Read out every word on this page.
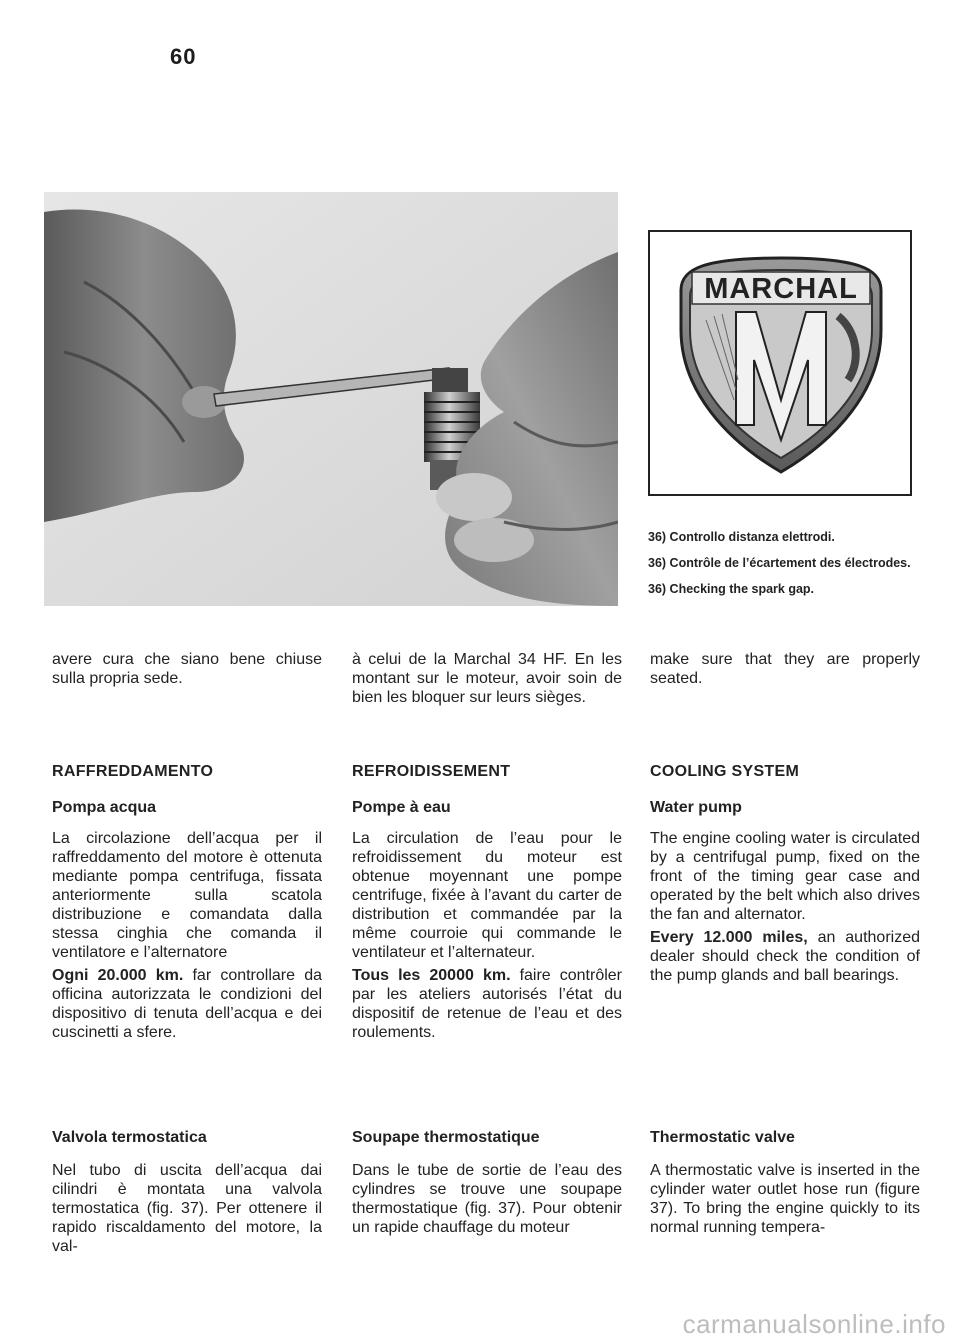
60
MARCHAL

36) Controllo distanza elettrodi.

36) Contrôle de l’écartement des électrodes.

36) Checking the spark gap.

avere cura che siano bene chiuse sulla propria sede.

RAFFREDDAMENTO

Pompa acqua

La circolazione dell’acqua per il raffreddamento del motore è ottenuta mediante pompa centrifuga, fissata anteriormente sulla scatola distribuzione e comandata dalla stessa cinghia che comanda il ventilatore e l’alternatore

Ogni 20.000 km. far controllare da officina autorizzata le condizioni del dispositivo di tenuta dell’acqua e dei cuscinetti a sfere.

Valvola termostatica

Nel tubo di uscita dell’acqua dai cilindri è montata una valvola termostatica (fig. 37). Per ottenere il rapido riscaldamento del motore, la val-

à celui de la Marchal 34 HF. En les montant sur le moteur, avoir soin de bien les bloquer sur leurs sièges.

REFROIDISSEMENT

Pompe à eau

La circulation de l’eau pour le refroidissement du moteur est obtenue moyennant une pompe centrifuge, fixée à l’avant du carter de distribution et commandée par la même courroie qui commande le ventilateur et l’alternateur.

Tous les 20000 km. faire contrôler par les ateliers autorisés l’état du dispositif de retenue de l’eau et des roulements.

Soupape thermostatique

Dans le tube de sortie de l’eau des cylindres se trouve une soupape thermostatique (fig. 37). Pour obtenir un rapide chauffage du moteur

make sure that they are properly seated.

COOLING SYSTEM

Water pump

The engine cooling water is circulated by a centrifugal pump, fixed on the front of the timing gear case and operated by the belt which also drives the fan and alternator.

Every 12.000 miles, an authorized dealer should check the condition of the pump glands and ball bearings.

Thermostatic valve

A thermostatic valve is inserted in the cylinder water outlet hose run (figure 37). To bring the engine quickly to its normal running tempera-

carmanualsonline.info
